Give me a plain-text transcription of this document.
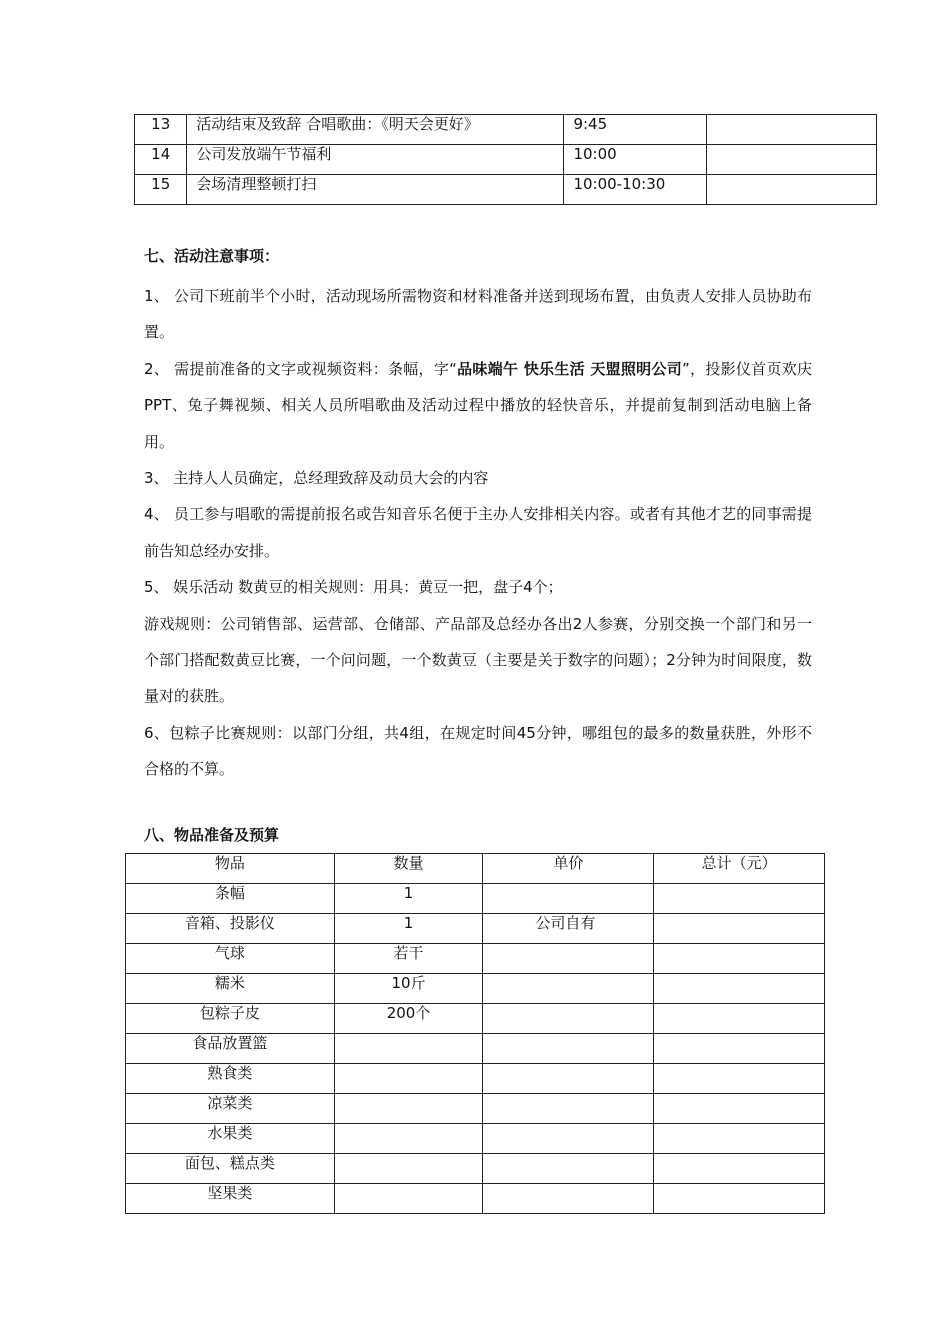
13	活动结束及致辞 合唱歌曲：《明天会更好》	9:45	
14	公司发放端午节福利	10:00	
15	会场清理整顿打扫	10:00-10:30	
七、活动注意事项：

1、 公司下班前半个小时，活动现场所需物资和材料准备并送到现场布置，由负责人安排人员协助布置。

2、 需提前准备的文字或视频资料：条幅，字“品味端午 快乐生活 天盟照明公司”，投影仪首页欢庆PPT、兔子舞视频、相关人员所唱歌曲及活动过程中播放的轻快音乐，并提前复制到活动电脑上备用。

3、 主持人人员确定，总经理致辞及动员大会的内容

4、 员工参与唱歌的需提前报名或告知音乐名便于主办人安排相关内容。或者有其他才艺的同事需提前告知总经办安排。

5、 娱乐活动 数黄豆的相关规则：用具：黄豆一把，盘子4个；

游戏规则：公司销售部、运营部、仓储部、产品部及总经办各出2人参赛，分别交换一个部门和另一个部门搭配数黄豆比赛，一个问问题，一个数黄豆（主要是关于数字的问题）；2分钟为时间限度，数量对的获胜。

6、包粽子比赛规则：以部门分组，共4组，在规定时间45分钟，哪组包的最多的数量获胜，外形不合格的不算。

八、物品准备及预算
物品	数量	单价	总计（元）
条幅	1		
音箱、投影仪	1	公司自有	
气球	若干		
糯米	10斤		
包粽子皮	200个		
食品放置篮			
熟食类			
凉菜类			
水果类			
面包、糕点类			
坚果类			
